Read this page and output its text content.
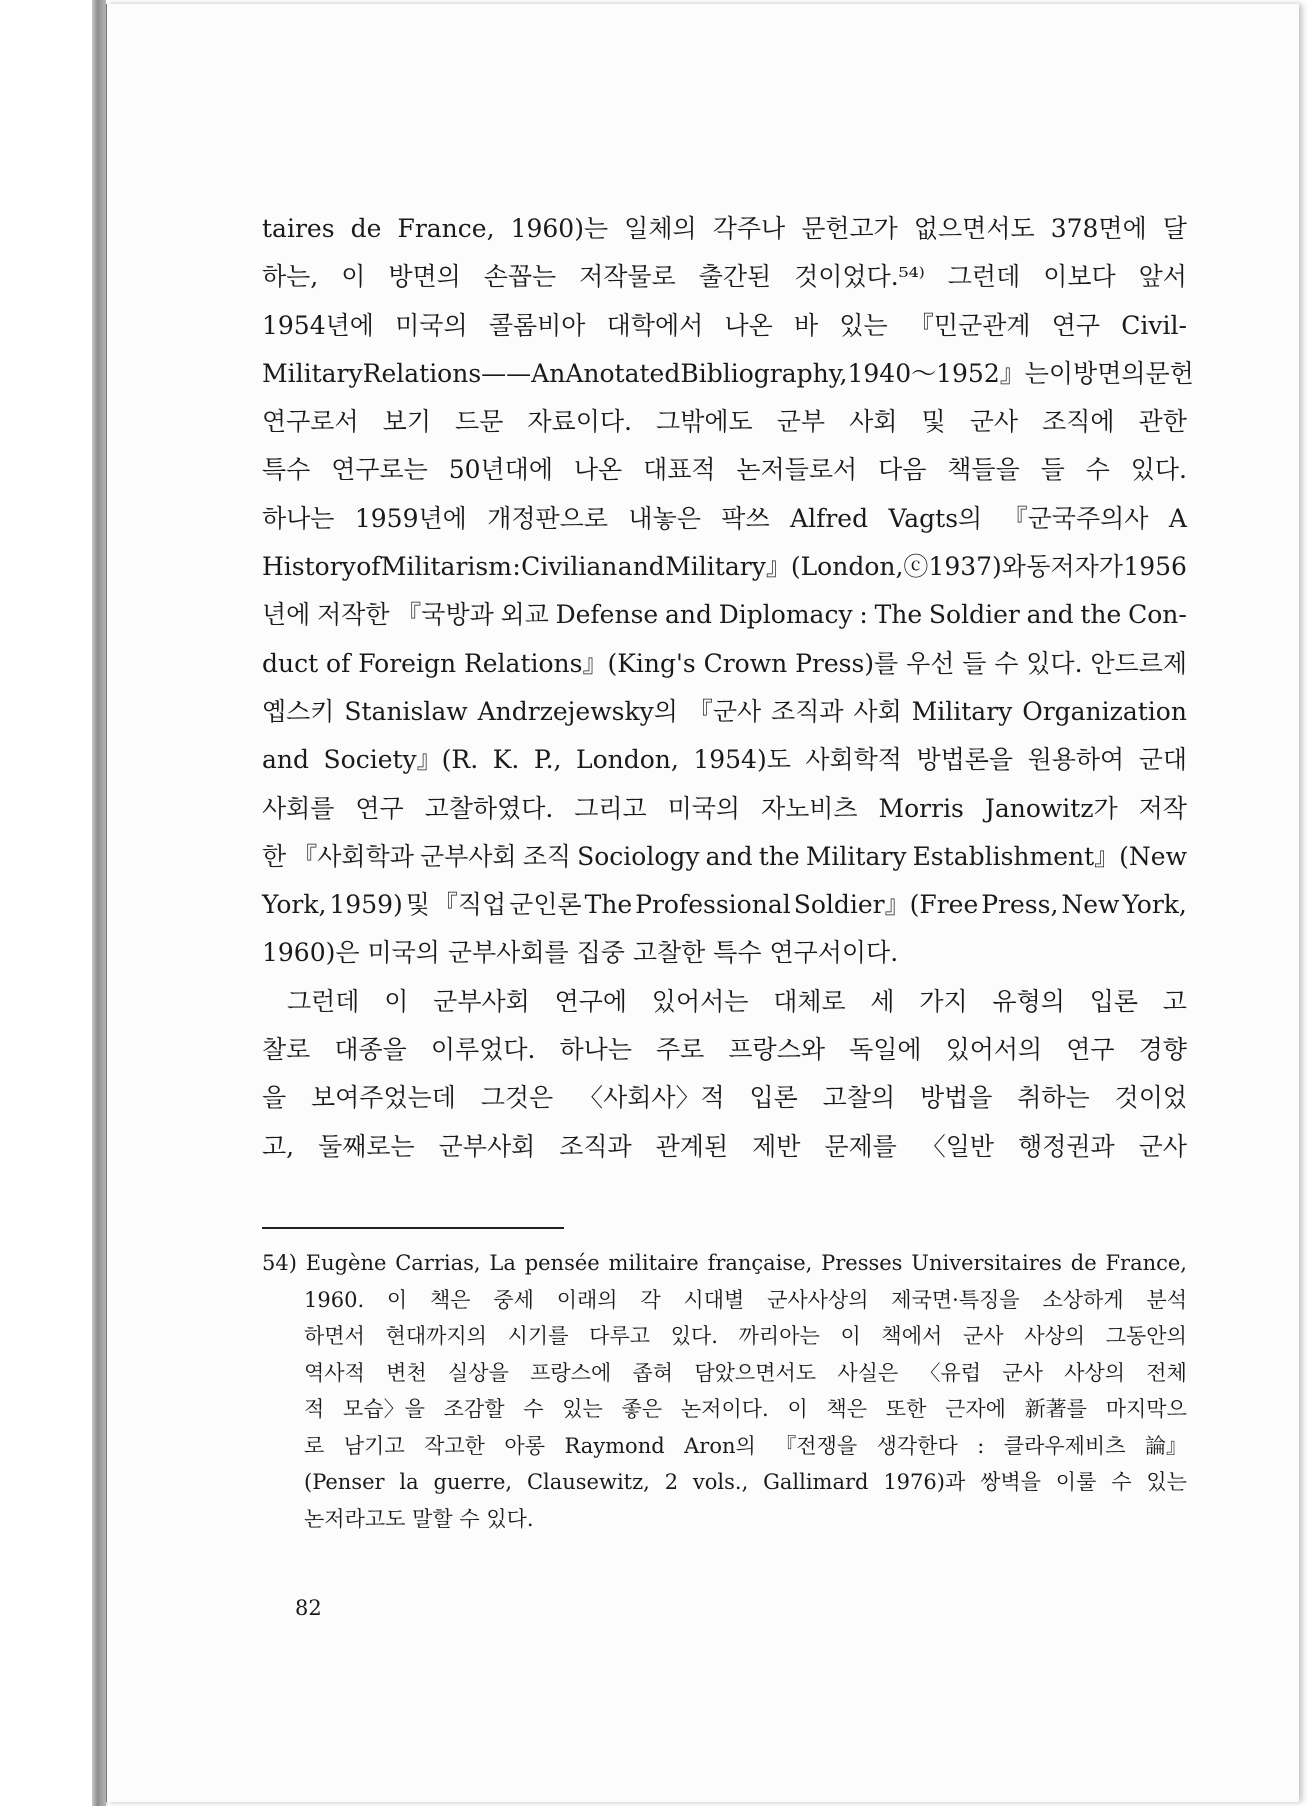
taires de France, 1960)는 일체의 각주나 문헌고가 없으면서도 378면에 달
하는, 이 방면의 손꼽는 저작물로 출간된 것이었다.⁵⁴⁾ 그런데 이보다 앞서
1954년에 미국의 콜롬비아 대학에서 나온 바 있는 『민군관계 연구 Civil-
Military Relations——An Anotated Bibliography, 1940～1952』는 이 방면의 문헌
연구로서 보기 드문 자료이다. 그밖에도 군부 사회 및 군사 조직에 관한
특수 연구로는 50년대에 나온 대표적 논저들로서 다음 책들을 들 수 있다.
하나는 1959년에 개정판으로 내놓은 팍쓰 Alfred Vagts의 『군국주의사 A
History of Militarism : Civilian and Military』(London,ⓒ1937)와 동저자가 1956
년에 저작한 『국방과 외교 Defense and Diplomacy : The Soldier and the Con-
duct of Foreign Relations』(King's Crown Press)를 우선 들 수 있다. 안드르제
옙스키 Stanislaw Andrzejewsky의 『군사 조직과 사회 Military Organization
and Society』(R. K. P., London, 1954)도 사회학적 방법론을 원용하여 군대
사회를 연구 고찰하였다. 그리고 미국의 자노비츠 Morris Janowitz가 저작
한 『사회학과 군부사회 조직 Sociology and the Military Establishment』(New
York, 1959) 및 『직업 군인론 The Professional Soldier』(Free Press, New York,
1960)은 미국의 군부사회를 집중 고찰한 특수 연구서이다.
그런데 이 군부사회 연구에 있어서는 대체로 세 가지 유형의 입론 고
찰로 대종을 이루었다. 하나는 주로 프랑스와 독일에 있어서의 연구 경향
을 보여주었는데 그것은 〈사회사〉적 입론 고찰의 방법을 취하는 것이었
고, 둘째로는 군부사회 조직과 관계된 제반 문제를 〈일반 행정권과 군사
54) Eugène Carrias, La pensée militaire française, Presses Universitaires de France,
1960. 이 책은 중세 이래의 각 시대별 군사사상의 제국면·특징을 소상하게 분석
하면서 현대까지의 시기를 다루고 있다. 까리아는 이 책에서 군사 사상의 그동안의
역사적 변천 실상을 프랑스에 좁혀 담았으면서도 사실은 〈유럽 군사 사상의 전체
적 모습〉을 조감할 수 있는 좋은 논저이다. 이 책은 또한 근자에 新著를 마지막으
로 남기고 작고한 아롱 Raymond Aron의 『전쟁을 생각한다 : 클라우제비츠 論』
(Penser la guerre, Clausewitz, 2 vols., Gallimard 1976)과 쌍벽을 이룰 수 있는
논저라고도 말할 수 있다.
82
